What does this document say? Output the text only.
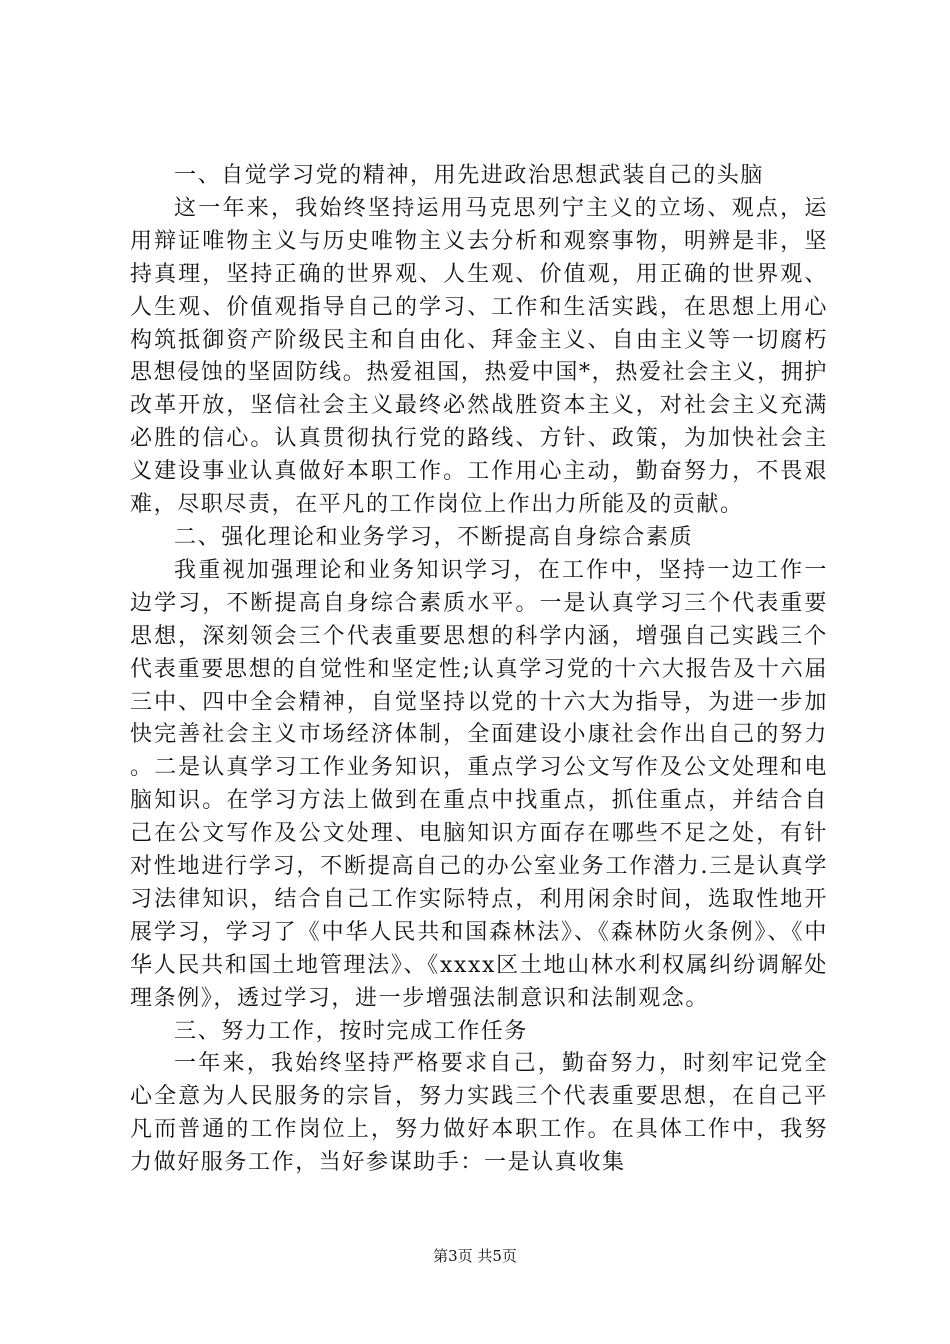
一、自觉学习党的精神，用先进政治思想武装自己的头脑

这一年来，我始终坚持运用马克思列宁主义的立场、观点，运用辩证唯物主义与历史唯物主义去分析和观察事物，明辨是非，坚持真理，坚持正确的世界观、人生观、价值观，用正确的世界观、人生观、价值观指导自己的学习、工作和生活实践，在思想上用心构筑抵御资产阶级民主和自由化、拜金主义、自由主义等一切腐朽思想侵蚀的坚固防线。热爱祖国，热爱中国*，热爱社会主义，拥护改革开放，坚信社会主义最终必然战胜资本主义，对社会主义充满必胜的信心。认真贯彻执行党的路线、方针、政策，为加快社会主义建设事业认真做好本职工作。工作用心主动，勤奋努力，不畏艰难，尽职尽责，在平凡的工作岗位上作出力所能及的贡献。

二、强化理论和业务学习，不断提高自身综合素质

我重视加强理论和业务知识学习，在工作中，坚持一边工作一边学习，不断提高自身综合素质水平。一是认真学习三个代表重要思想，深刻领会三个代表重要思想的科学内涵，增强自己实践三个代表重要思想的自觉性和坚定性;认真学习党的十六大报告及十六届三中、四中全会精神，自觉坚持以党的十六大为指导，为进一步加快完善社会主义市场经济体制，全面建设小康社会作出自己的努力。二是认真学习工作业务知识，重点学习公文写作及公文处理和电脑知识。在学习方法上做到在重点中找重点，抓住重点，并结合自己在公文写作及公文处理、电脑知识方面存在哪些不足之处，有针对性地进行学习，不断提高自己的办公室业务工作潜力.三是认真学习法律知识，结合自己工作实际特点，利用闲余时间，选取性地开展学习，学习了《中华人民共和国森林法》、《森林防火条例》、《中华人民共和国土地管理法》、《xxxx区土地山林水利权属纠纷调解处理条例》，透过学习，进一步增强法制意识和法制观念。

三、努力工作，按时完成工作任务

一年来，我始终坚持严格要求自己，勤奋努力，时刻牢记党全心全意为人民服务的宗旨，努力实践三个代表重要思想，在自己平凡而普通的工作岗位上，努力做好本职工作。在具体工作中，我努力做好服务工作，当好参谋助手：一是认真收集

第3页 共5页
